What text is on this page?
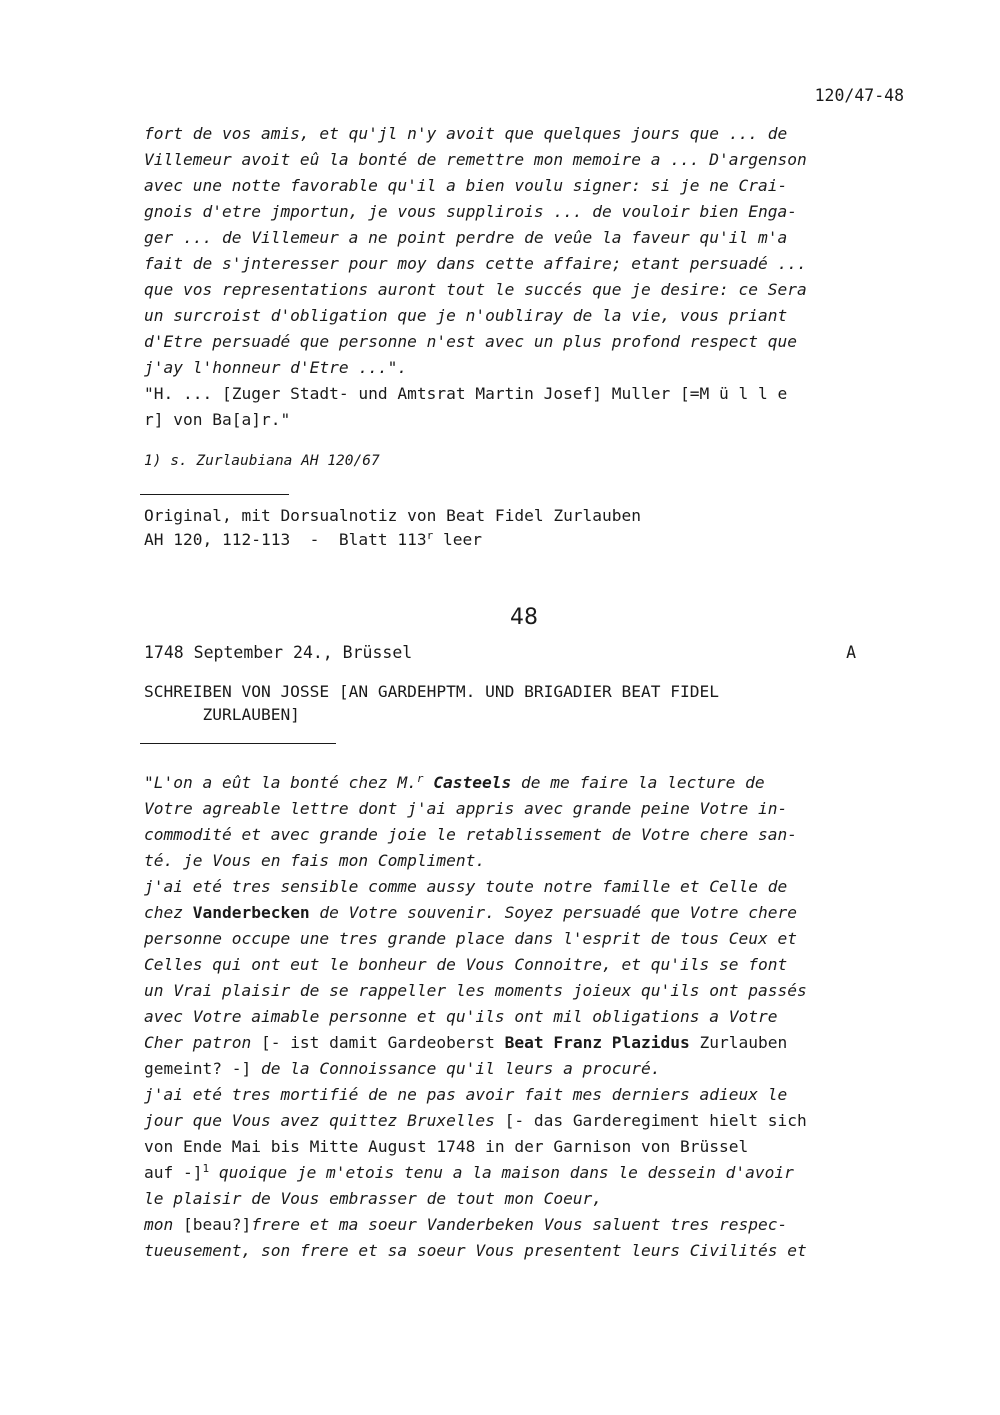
120/47-48
fort de vos amis, et qu'jl n'y avoit que quelques jours que ... de
Villemeur avoit eû la bonté de remettre mon memoire a ... D'argenson
avec une notte favorable qu'il a bien voulu signer: si je ne Crai-
gnois d'etre jmportun, je vous supplirois ... de vouloir bien Enga-
ger ... de Villemeur a ne point perdre de veûe la faveur qu'il m'a
fait de s'jnteresser pour moy dans cette affaire; etant persuadé ...
que vos representations auront tout le succés que je desire: ce Sera
un surcroist d'obligation que je n'oubliray de la vie, vous priant
d'Etre persuadé que personne n'est avec un plus profond respect que
j'ay l'honneur d'Etre ...".
"H. ... [Zuger Stadt- und Amtsrat Martin Josef] Muller [=M ü l l e
r] von Ba[a]r."
1) s. Zurlaubiana AH 120/67
Original, mit Dorsualnotiz von Beat Fidel Zurlauben
AH 120, 112-113  -  Blatt 113$^r$ leer
48
1748 September 24., Brüssel	A
SCHREIBEN VON JOSSE [AN GARDEHPTM. UND BRIGADIER BEAT FIDEL
ZURLAUBEN]
"L'on a eût la bonté chez M.$^r$ Casteels de me faire la lecture de
Votre agreable lettre dont j'ai appris avec grande peine Votre in-
commodité et avec grande joie le retablissement de Votre chere san-
té. je Vous en fais mon Compliment.
j'ai eté tres sensible comme aussy toute notre famille et Celle de
chez Vanderbecken de Votre souvenir. Soyez persuadé que Votre chere
personne occupe une tres grande place dans l'esprit de tous Ceux et
Celles qui ont eut le bonheur de Vous Connoitre, et qu'ils se font
un Vrai plaisir de se rappeller les moments joieux qu'ils ont passés
avec Votre aimable personne et qu'ils ont mil obligations a Votre
Cher patron [- ist damit Gardeoberst Beat Franz Plazidus Zurlauben
gemeint? -] de la Connoissance qu'il leurs a procuré.
j'ai eté tres mortifié de ne pas avoir fait mes derniers adieux le
jour que Vous avez quittez Bruxelles [- das Garderegiment hielt sich
von Ende Mai bis Mitte August 1748 in der Garnison von Brüssel
auf -]$^1$ quoique je m'etois tenu a la maison dans le dessein d'avoir
le plaisir de Vous embrasser de tout mon Coeur,
mon [beau?]frere et ma soeur Vanderbeken Vous saluent tres respec-
tueusement, son frere et sa soeur Vous presentent leurs Civilités et
